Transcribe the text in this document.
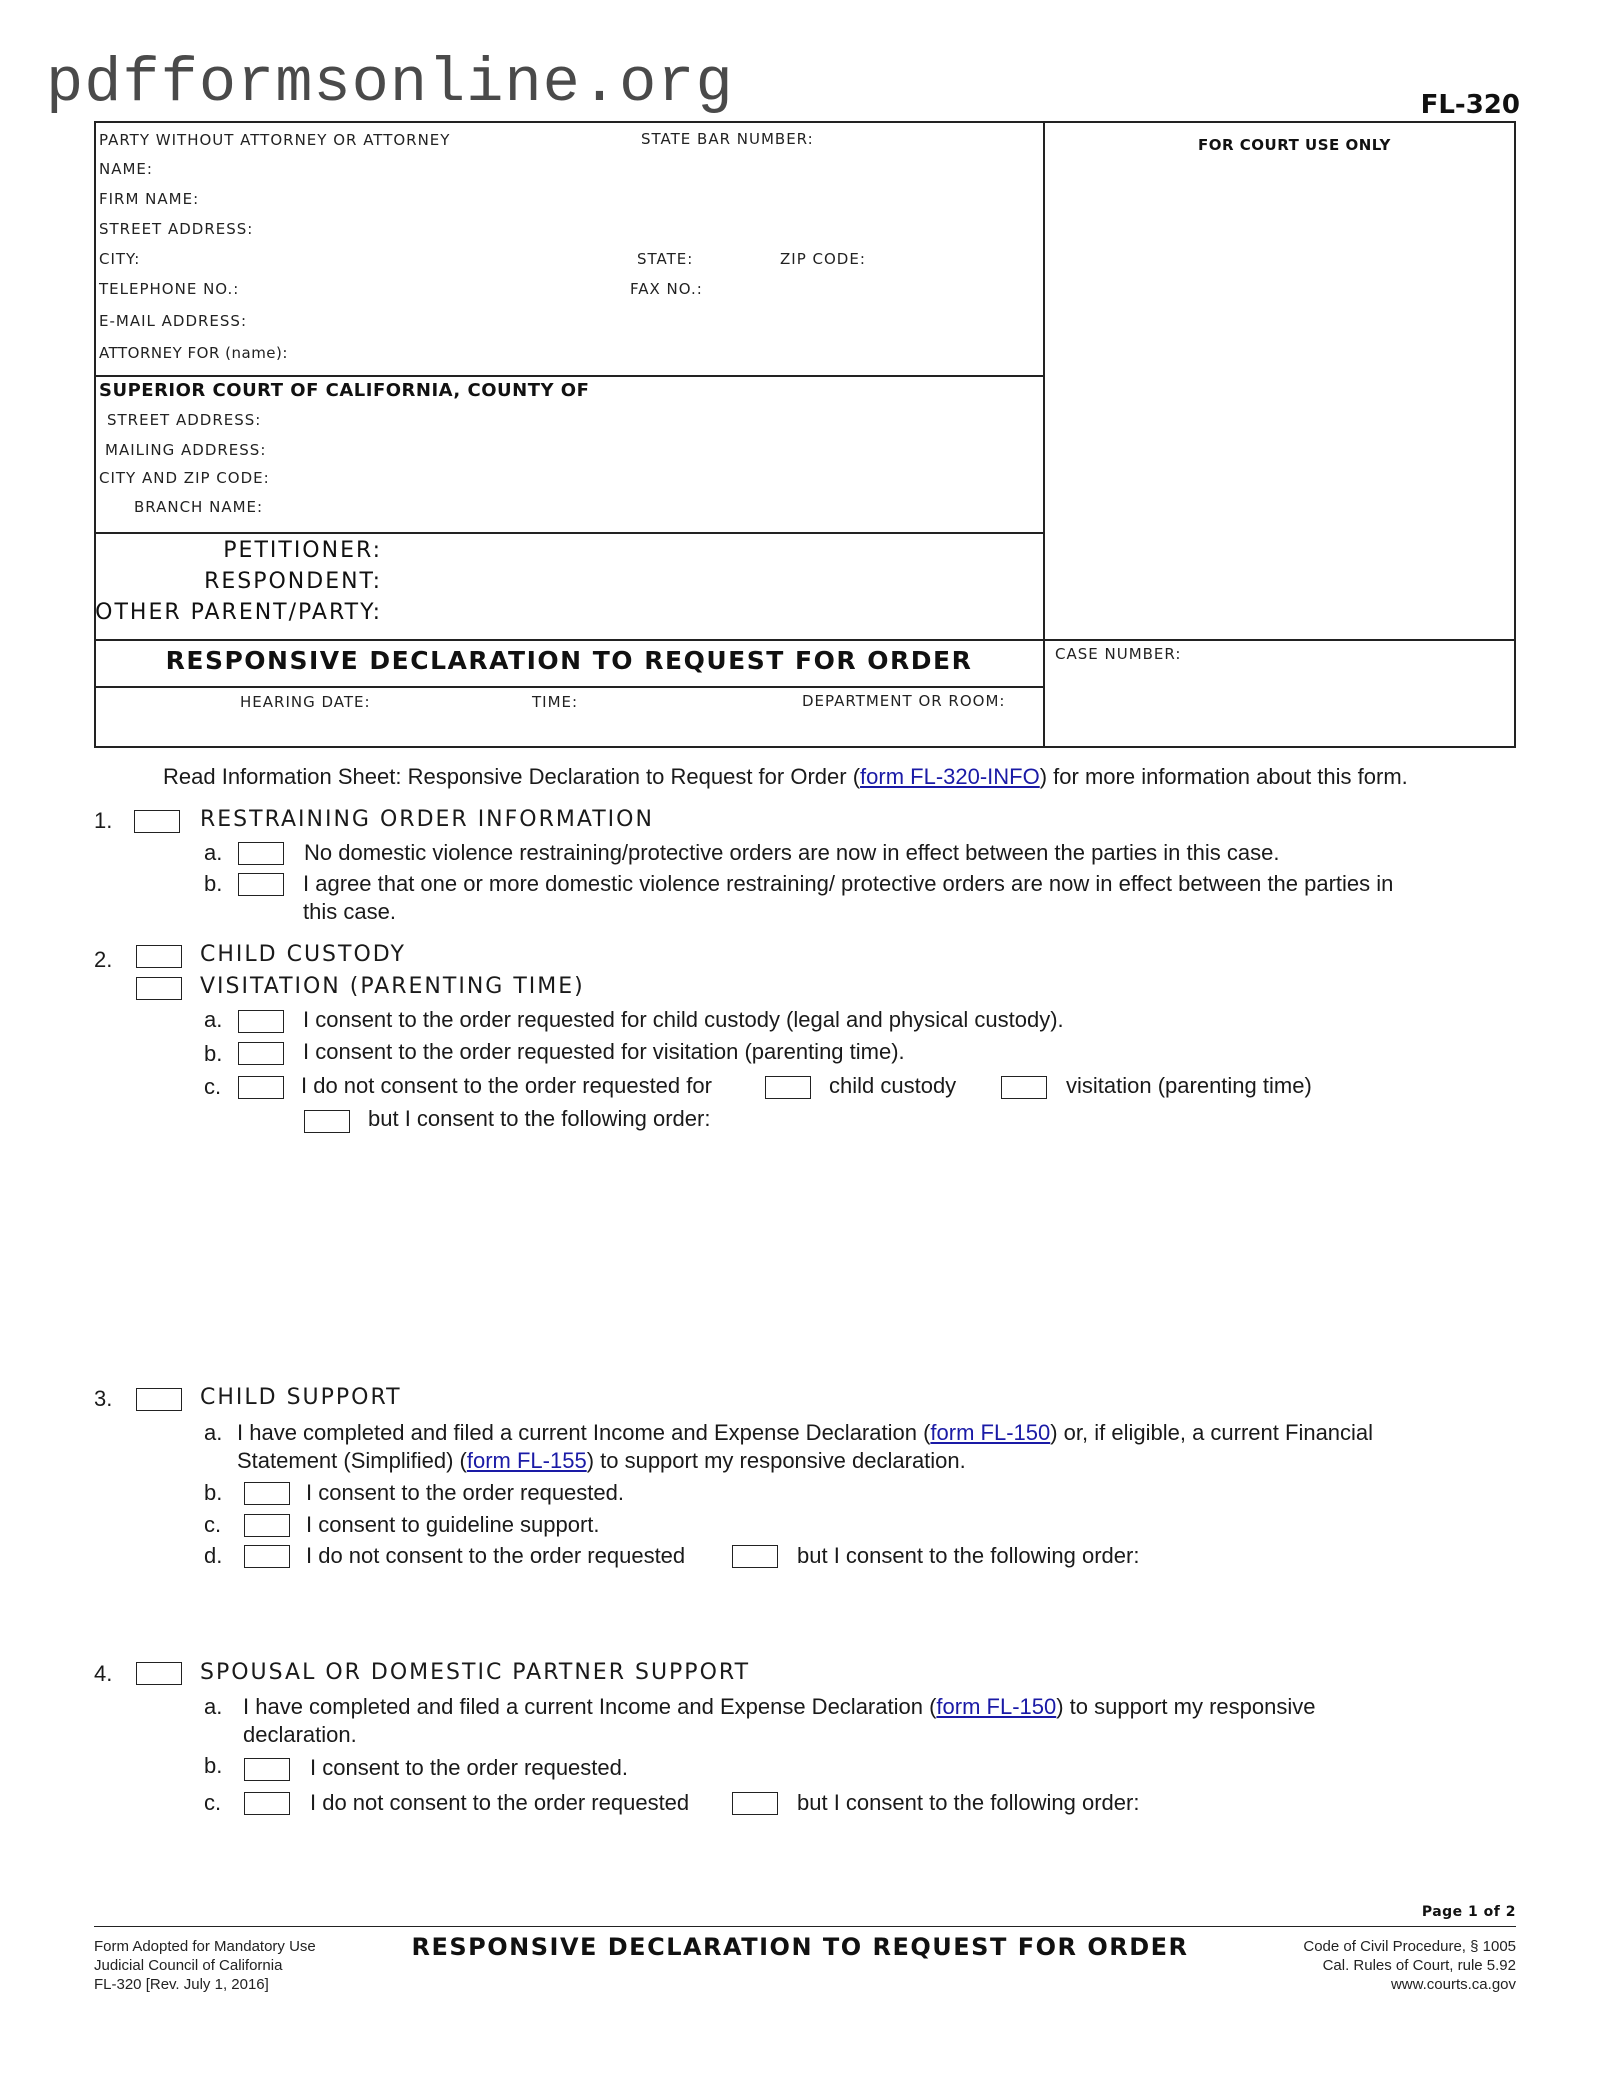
pdfformsonline.org	FL-320
PARTY WITHOUT ATTORNEY OR ATTORNEY	STATE BAR NUMBER:	FOR COURT USE ONLY
NAME:
FIRM NAME:
STREET ADDRESS:
CITY:	STATE:	ZIP CODE:
TELEPHONE NO.:	FAX NO.:
E-MAIL ADDRESS:
ATTORNEY FOR (name):
SUPERIOR COURT OF CALIFORNIA, COUNTY OF
STREET ADDRESS:
MAILING ADDRESS:
CITY AND ZIP CODE:
BRANCH NAME:
PETITIONER:
RESPONDENT:
OTHER PARENT/PARTY:
RESPONSIVE DECLARATION TO REQUEST FOR ORDER	CASE NUMBER:
HEARING DATE:	TIME:	DEPARTMENT OR ROOM:
Read Information Sheet: Responsive Declaration to Request for Order (form FL-320-INFO) for more information about this form.
1.	RESTRAINING ORDER INFORMATION
a.	No domestic violence restraining/protective orders are now in effect between the parties in this case.
b.	I agree that one or more domestic violence restraining/ protective orders are now in effect between the parties in
this case.
2.	CHILD CUSTODY
VISITATION (PARENTING TIME)
a.	I consent to the order requested for child custody (legal and physical custody).
b.	I consent to the order requested for visitation (parenting time).
c.	I do not consent to the order requested for	child custody	visitation (parenting time)
but I consent to the following order:
3.	CHILD SUPPORT
a. I have completed and filed a current Income and Expense Declaration (form FL-150) or, if eligible, a current Financial
Statement (Simplified) (form FL-155) to support my responsive declaration.
b.	I consent to the order requested.
c.	I consent to guideline support.
d.	I do not consent to the order requested	but I consent to the following order:
4.	SPOUSAL OR DOMESTIC PARTNER SUPPORT
a. I have completed and filed a current Income and Expense Declaration (form FL-150) to support my responsive
declaration.
b.	I consent to the order requested.
c.	I do not consent to the order requested	but I consent to the following order:
Page 1 of 2
Form Adopted for Mandatory Use
Judicial Council of California
FL-320 [Rev. July 1, 2016]
RESPONSIVE DECLARATION TO REQUEST FOR ORDER	Code of Civil Procedure, § 1005
Cal. Rules of Court, rule 5.92
www.courts.ca.gov
